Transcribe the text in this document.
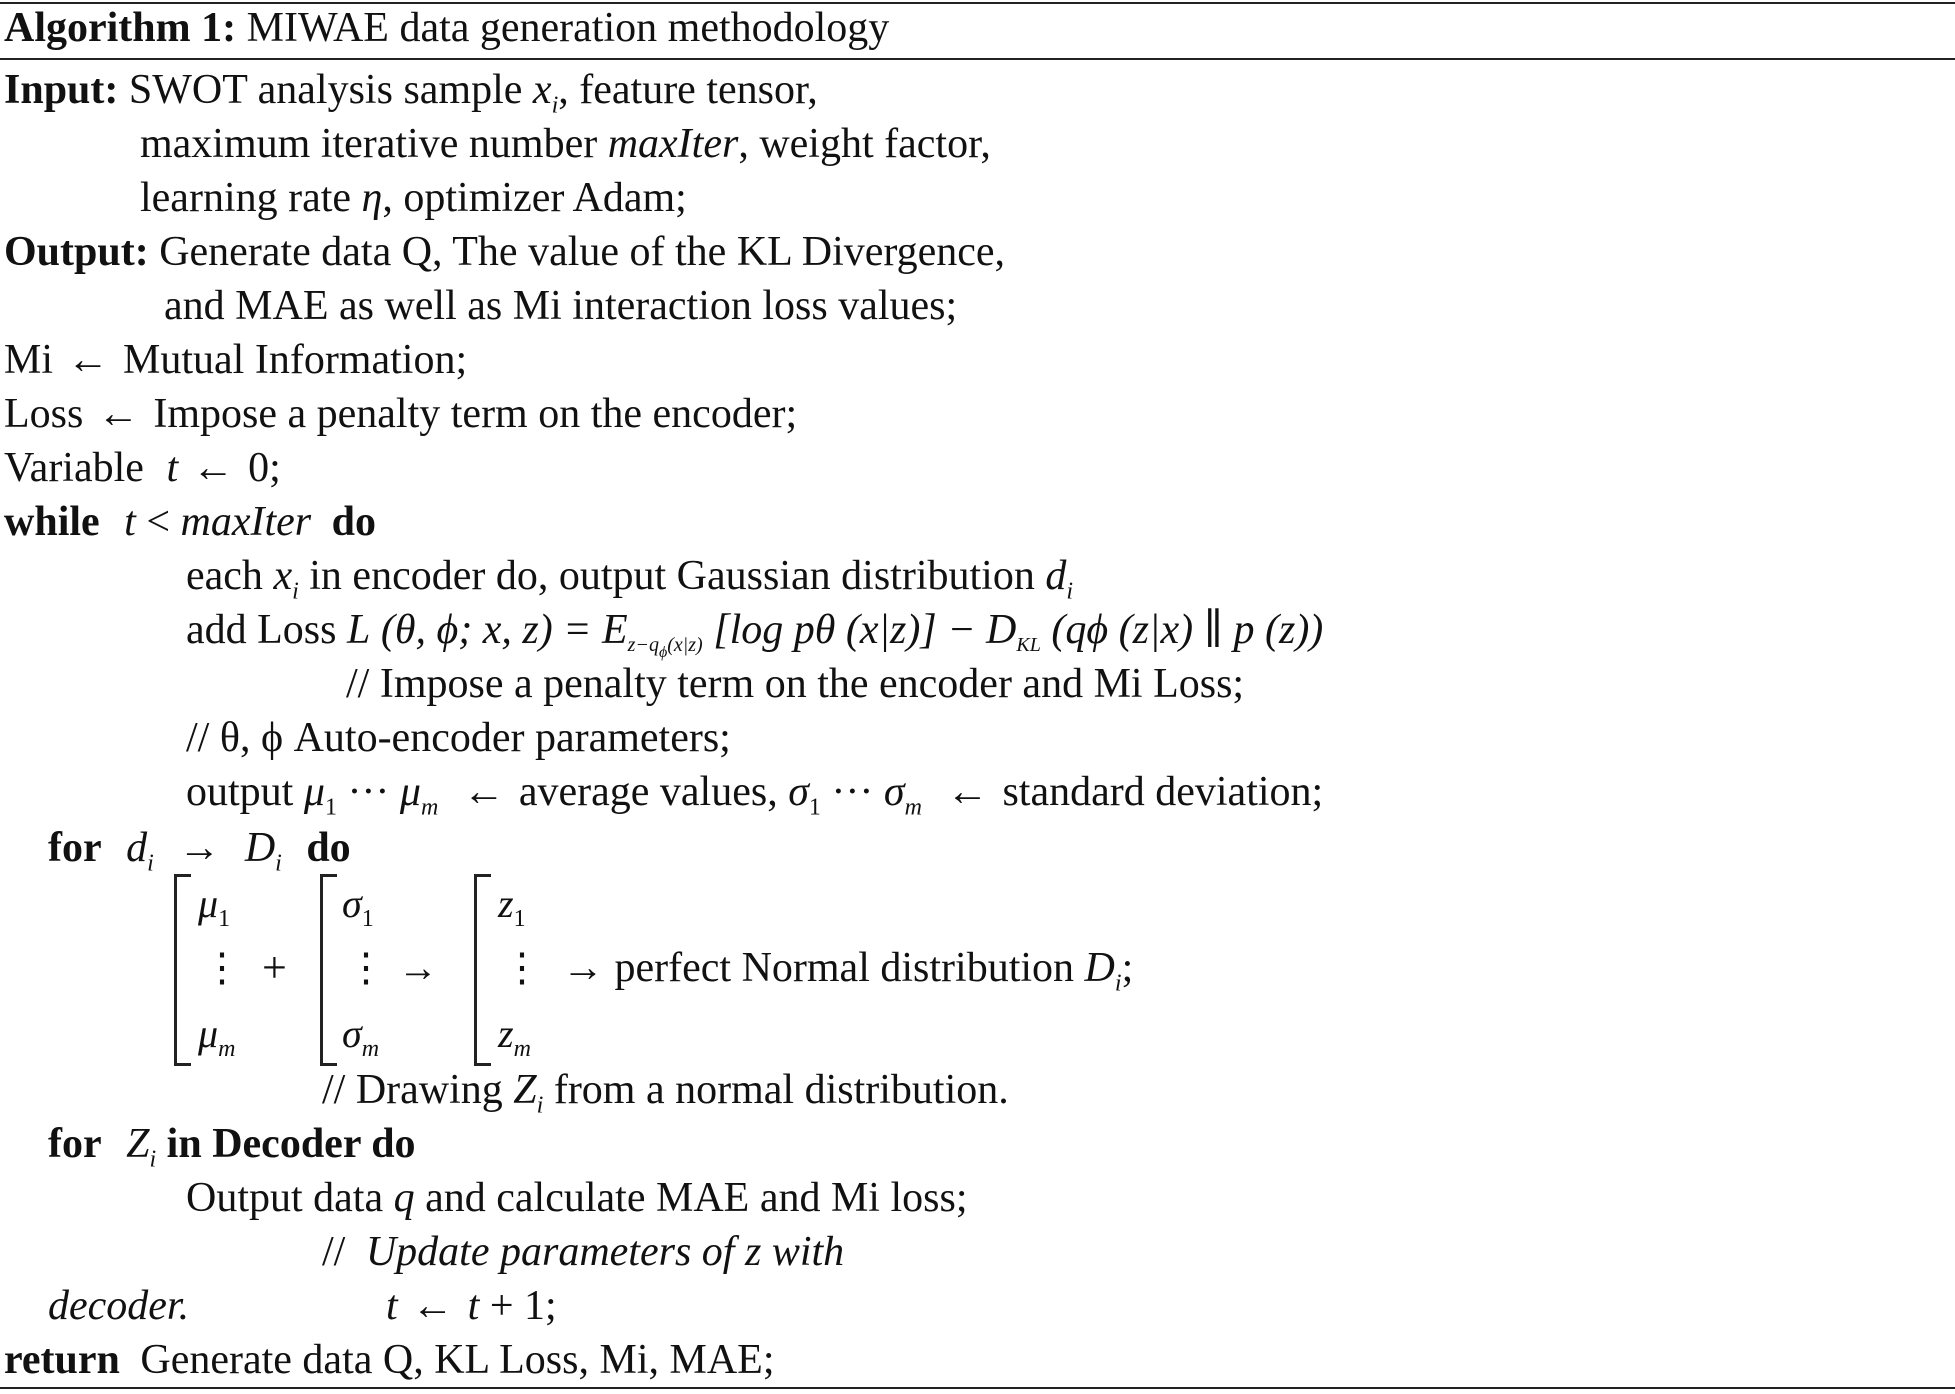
Algorithm 1: MIWAE data generation methodology
Input: SWOT analysis sample $x_i$, feature tensor,
maximum iterative number maxIter, weight factor,
learning rate η, optimizer Adam;
Output: Generate data Q, The value of the KL Divergence,
and MAE as well as Mi interaction loss values;
Mi ← Mutual Information;
Loss ← Impose a penalty term on the encoder;
Variable t ← 0;
while t < maxIter do
each $x_i$ in encoder do, output Gaussian distribution $d_i$
add Loss L (θ, ϕ; x, $z) = Ez-q_\phi(x|z)$ [log pθ (x|z)] − DKL (qϕ (z|x) ∥ p (z))
// Impose a penalty term on the encoder and Mi Loss;
// θ, ϕ Auto-encoder parameters;
output $\mu_1$ ··· $\mu_m$ ← average values, $\sigma_1$ ··· $\sigma_m$ ← standard deviation;
for $d_i \to D_i$ do
$\mu_1$
⋮
$\mu_m$
+
$\sigma_1$
⋮
$\sigma_m$
→
$z_1$
⋮
$z_m$
→ perfect Normal distribution $D_i$;
// Drawing $Z_i$ from a normal distribution.
for $Z_i$ in Decoder do
Output data q and calculate MAE and Mi loss;
// Update parameters of z with
decoder.	t ← t + 1;
return Generate data Q, KL Loss, Mi, MAE;
